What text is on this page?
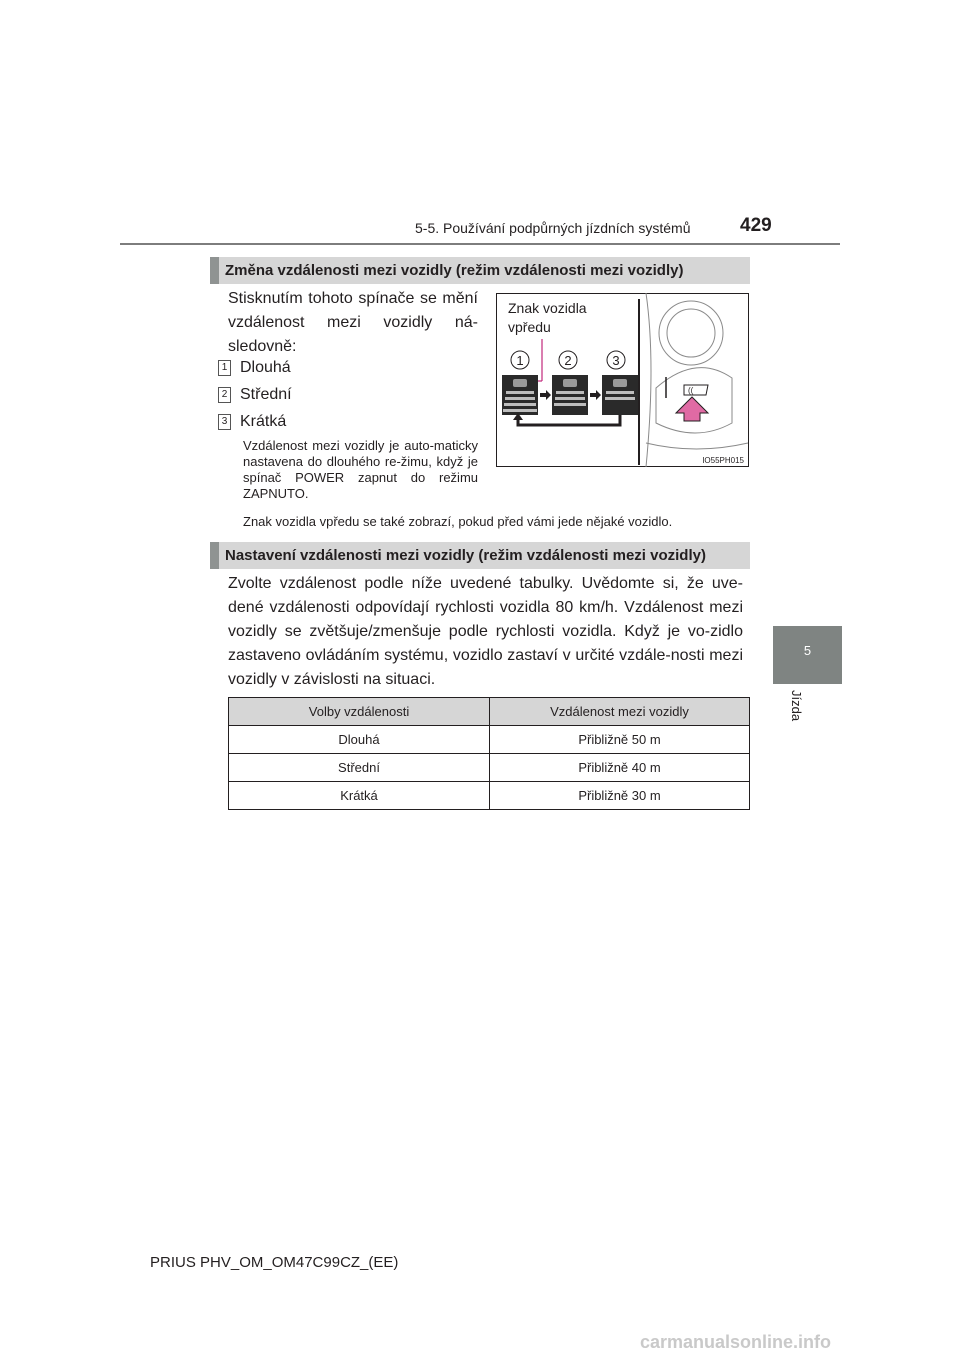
5-5. Používání podpůrných jízdních systémů	429
5
Jízda
Změna vzdálenosti mezi vozidly (režim vzdálenosti mezi vozidly)
Stisknutím tohoto spínače se mění vzdálenost mezi vozidly ná-sledovně:
1 Dlouhá
2 Střední
3 Krátká
Vzdálenost mezi vozidly je auto-maticky nastavena do dlouhého re-žimu, když je spínač POWER zapnut do režimu ZAPNUTO.
Znak vozidla vpředu se také zobrazí, pokud před vámi jede nějaké vozidlo.
Znak vozidla
vpředu
1	2	3
((
IO55PH015
Nastavení vzdálenosti mezi vozidly (režim vzdálenosti mezi vozidly)
Zvolte vzdálenost podle níže uvedené tabulky. Uvědomte si, že uve-dené vzdálenosti odpovídají rychlosti vozidla 80 km/h. Vzdálenost mezi vozidly se zvětšuje/zmenšuje podle rychlosti vozidla. Když je vo-zidlo zastaveno ovládáním systému, vozidlo zastaví v určité vzdále-nosti mezi vozidly v závislosti na situaci.
Volby vzdálenosti	Vzdálenost mezi vozidly
Dlouhá	Přibližně 50 m
Střední	Přibližně 40 m
Krátká	Přibližně 30 m
PRIUS PHV_OM_OM47C99CZ_(EE)
carmanualsonline.info
